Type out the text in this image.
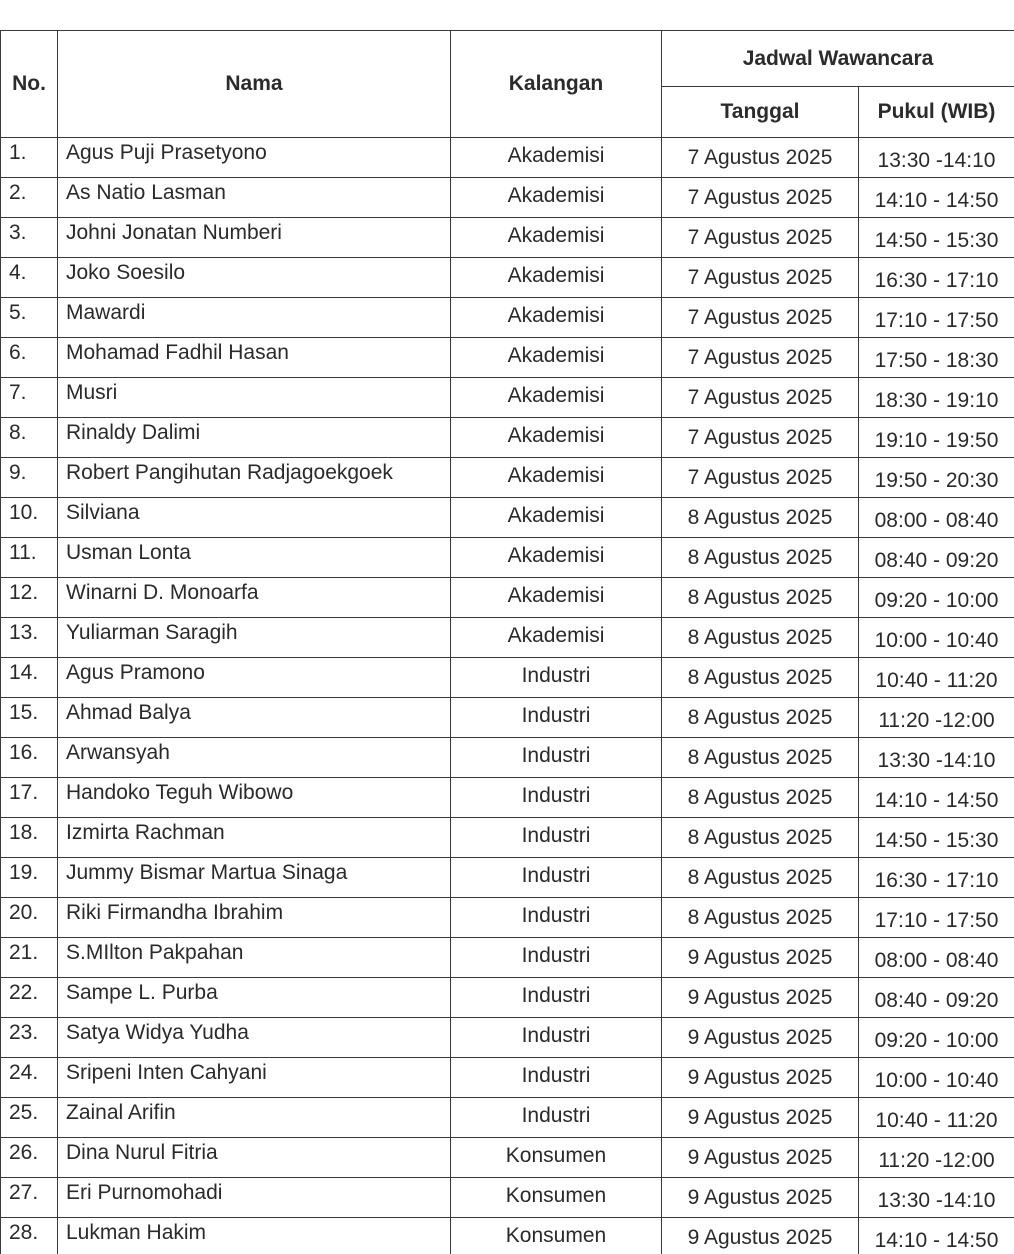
No.	Nama	Kalangan	Jadwal Wawancara	
			Tanggal	Pukul (WIB)
1.	Agus Puji Prasetyono	Akademisi	7 Agustus 2025	13:30 -14:10
2.	As Natio Lasman	Akademisi	7 Agustus 2025	14:10 - 14:50
3.	Johni Jonatan Numberi	Akademisi	7 Agustus 2025	14:50 - 15:30
4.	Joko Soesilo	Akademisi	7 Agustus 2025	16:30 - 17:10
5.	Mawardi	Akademisi	7 Agustus 2025	17:10 - 17:50
6.	Mohamad Fadhil Hasan	Akademisi	7 Agustus 2025	17:50 - 18:30
7.	Musri	Akademisi	7 Agustus 2025	18:30 - 19:10
8.	Rinaldy Dalimi	Akademisi	7 Agustus 2025	19:10 - 19:50
9.	Robert Pangihutan Radjagoekgoek	Akademisi	7 Agustus 2025	19:50 - 20:30
10.	Silviana	Akademisi	8 Agustus 2025	08:00 - 08:40
11.	Usman Lonta	Akademisi	8 Agustus 2025	08:40 - 09:20
12.	Winarni D. Monoarfa	Akademisi	8 Agustus 2025	09:20 - 10:00
13.	Yuliarman Saragih	Akademisi	8 Agustus 2025	10:00 - 10:40
14.	Agus Pramono	Industri	8 Agustus 2025	10:40 - 11:20
15.	Ahmad Balya	Industri	8 Agustus 2025	11:20 -12:00
16.	Arwansyah	Industri	8 Agustus 2025	13:30 -14:10
17.	Handoko Teguh Wibowo	Industri	8 Agustus 2025	14:10 - 14:50
18.	Izmirta Rachman	Industri	8 Agustus 2025	14:50 - 15:30
19.	Jummy Bismar Martua Sinaga	Industri	8 Agustus 2025	16:30 - 17:10
20.	Riki Firmandha Ibrahim	Industri	8 Agustus 2025	17:10 - 17:50
21.	S.MIlton Pakpahan	Industri	9 Agustus 2025	08:00 - 08:40
22.	Sampe L. Purba	Industri	9 Agustus 2025	08:40 - 09:20
23.	Satya Widya Yudha	Industri	9 Agustus 2025	09:20 - 10:00
24.	Sripeni Inten Cahyani	Industri	9 Agustus 2025	10:00 - 10:40
25.	Zainal Arifin	Industri	9 Agustus 2025	10:40 - 11:20
26.	Dina Nurul Fitria	Konsumen	9 Agustus 2025	11:20 -12:00
27.	Eri Purnomohadi	Konsumen	9 Agustus 2025	13:30 -14:10
28.	Lukman Hakim	Konsumen	9 Agustus 2025	14:10 - 14:50
